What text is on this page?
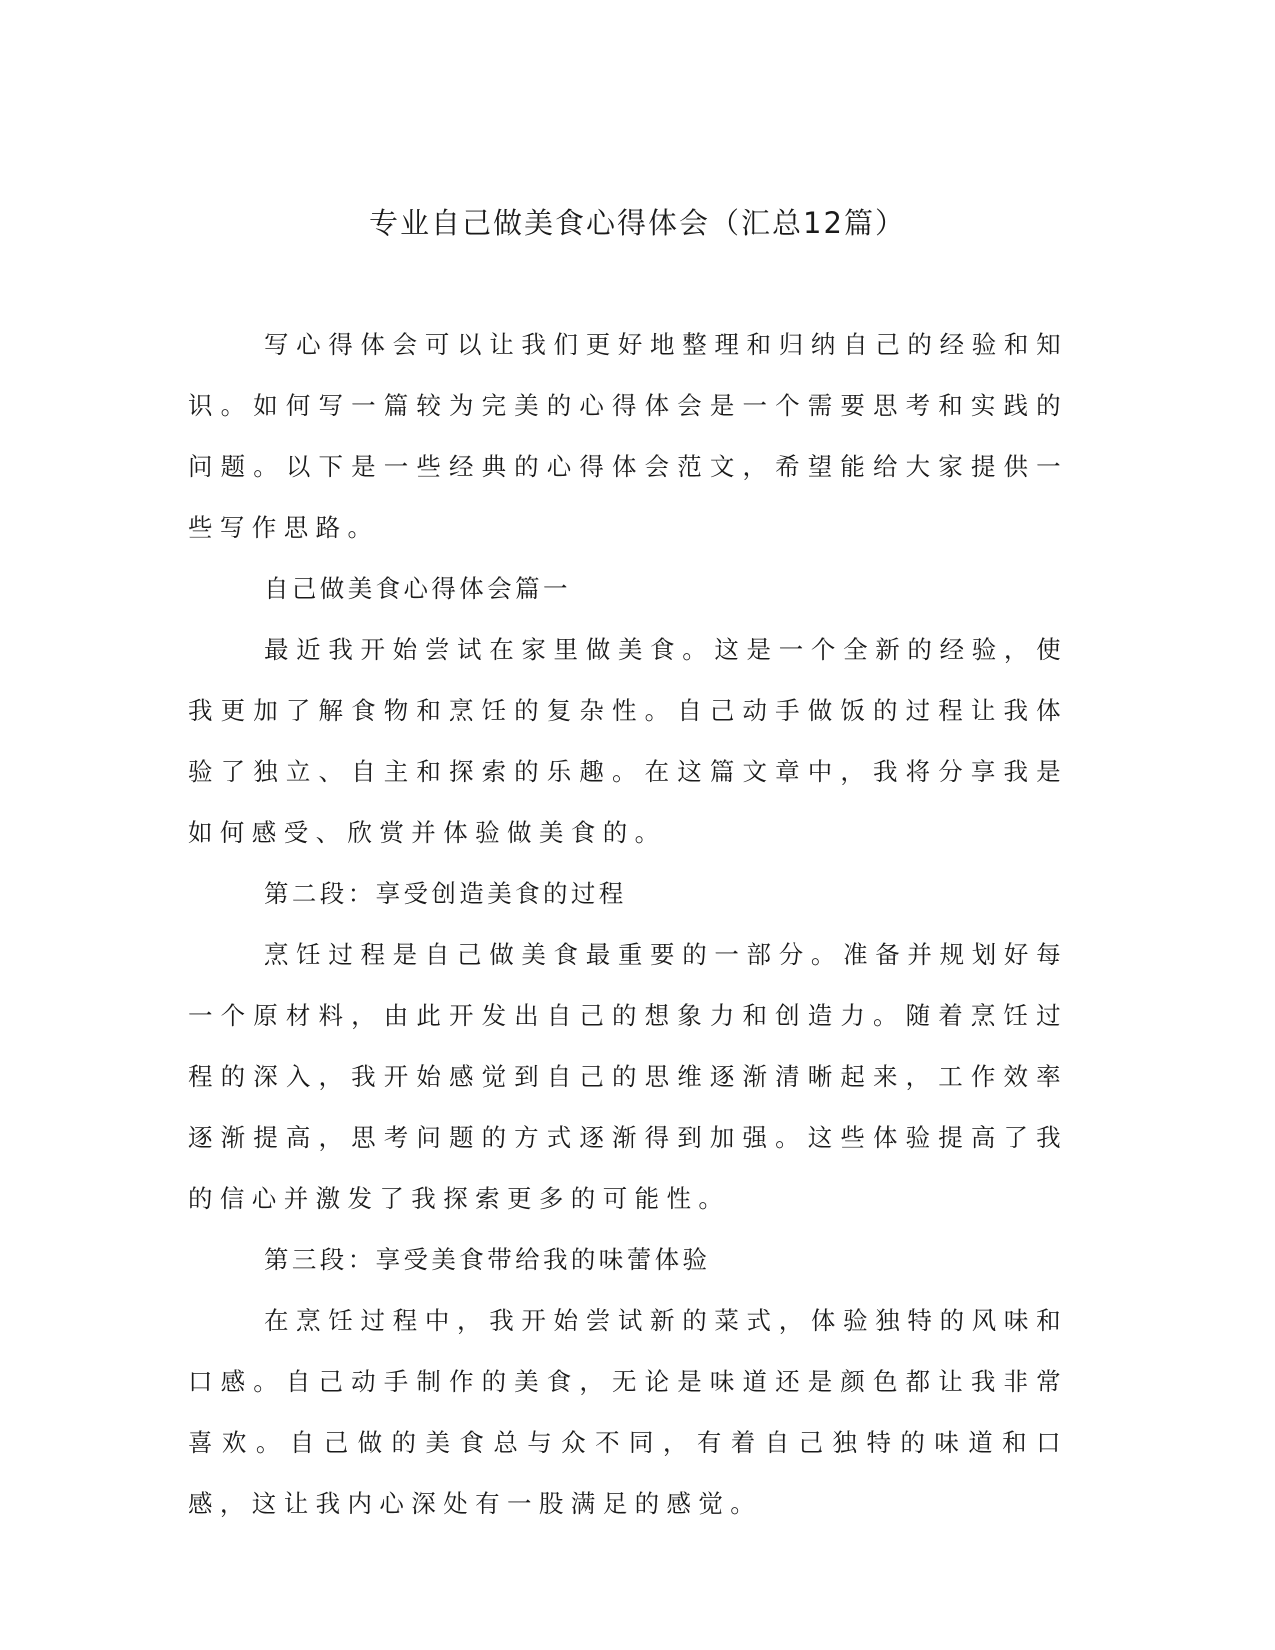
专业自己做美食心得体会（汇总12篇）

写心得体会可以让我们更好地整理和归纳自己的经验和知识。如何写一篇较为完美的心得体会是一个需要思考和实践的问题。以下是一些经典的心得体会范文，希望能给大家提供一些写作思路。

自己做美食心得体会篇一

最近我开始尝试在家里做美食。这是一个全新的经验，使我更加了解食物和烹饪的复杂性。自己动手做饭的过程让我体验了独立、自主和探索的乐趣。在这篇文章中，我将分享我是如何感受、欣赏并体验做美食的。

第二段：享受创造美食的过程

烹饪过程是自己做美食最重要的一部分。准备并规划好每一个原材料，由此开发出自己的想象力和创造力。随着烹饪过程的深入，我开始感觉到自己的思维逐渐清晰起来，工作效率逐渐提高，思考问题的方式逐渐得到加强。这些体验提高了我的信心并激发了我探索更多的可能性。

第三段：享受美食带给我的味蕾体验

在烹饪过程中，我开始尝试新的菜式，体验独特的风味和口感。自己动手制作的美食，无论是味道还是颜色都让我非常喜欢。自己做的美食总与众不同，有着自己独特的味道和口感，这让我内心深处有一股满足的感觉。
